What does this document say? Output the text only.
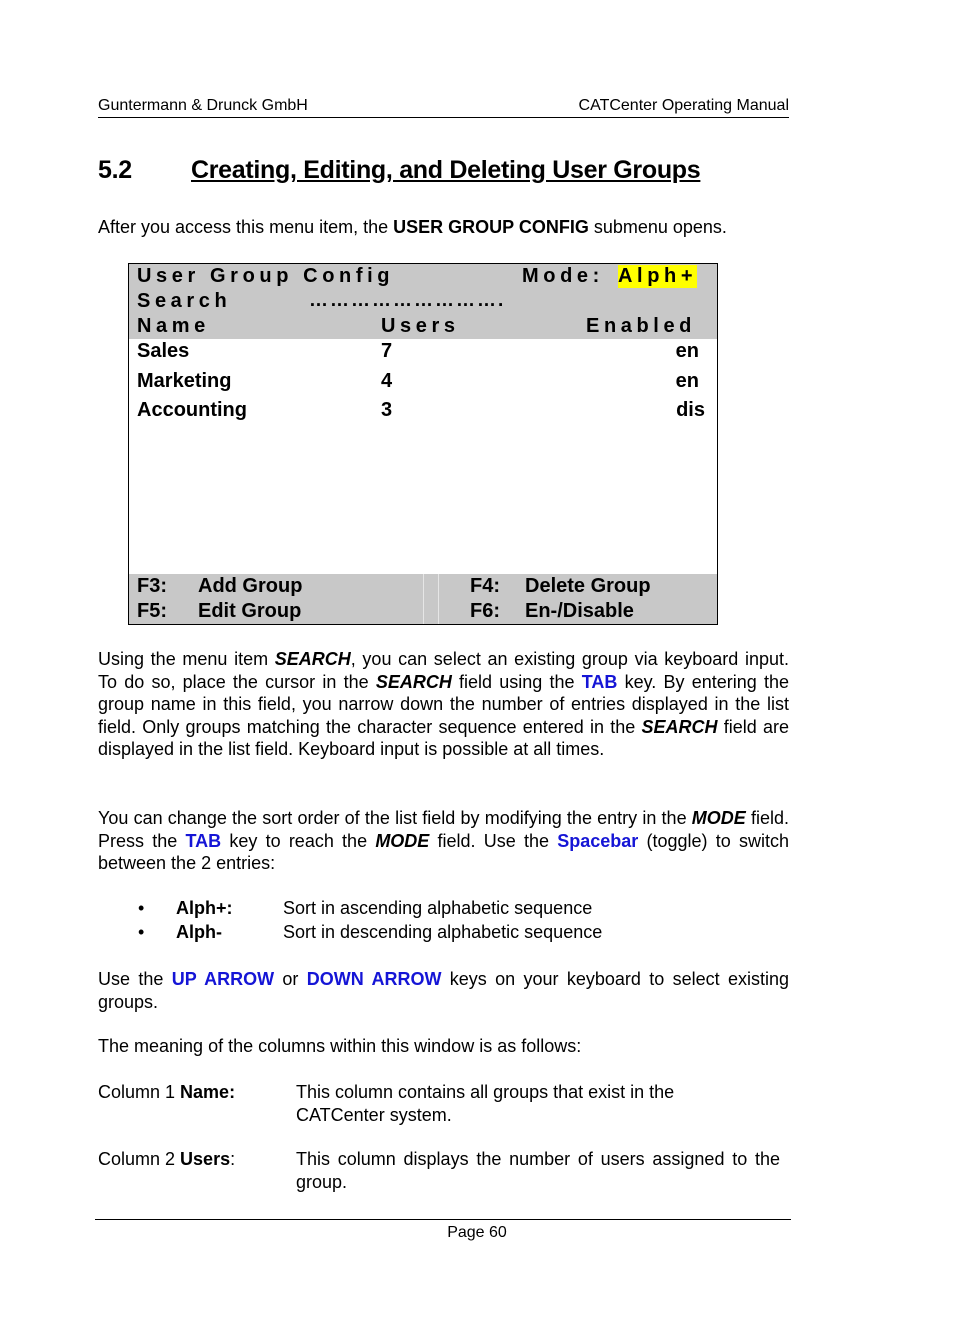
Guntermann & Drunck GmbH	CATCenter Operating Manual
5.2 Creating, Editing, and Deleting User Groups

After you access this menu item, the USER GROUP CONFIG submenu opens.

User Group Config	Mode: Alph+
Search	……………………….
Name	Users	Enabled
Sales	7	en
Marketing	4	en
Accounting	3	dis
F3: Add Group	F4: Delete Group
F5: Edit Group	F6: En-/Disable

Using the menu item SEARCH, you can select an existing group via keyboard input. To do so, place the cursor in the SEARCH field using the TAB key. By entering the group name in this field, you narrow down the number of entries displayed in the list field. Only groups matching the character sequence entered in the SEARCH field are displayed in the list field. Keyboard input is possible at all times.

You can change the sort order of the list field by modifying the entry in the MODE field. Press the TAB key to reach the MODE field. Use the Spacebar (toggle) to switch between the 2 entries:

• Alph+:	Sort in ascending alphabetic sequence
• Alph-	Sort in descending alphabetic sequence

Use the UP ARROW or DOWN ARROW keys on your keyboard to select existing groups.

The meaning of the columns within this window is as follows:

Column 1 Name:	This column contains all groups that exist in the CATCenter system.
Column 2 Users:	This column displays the number of users assigned to the group.
Page 60
